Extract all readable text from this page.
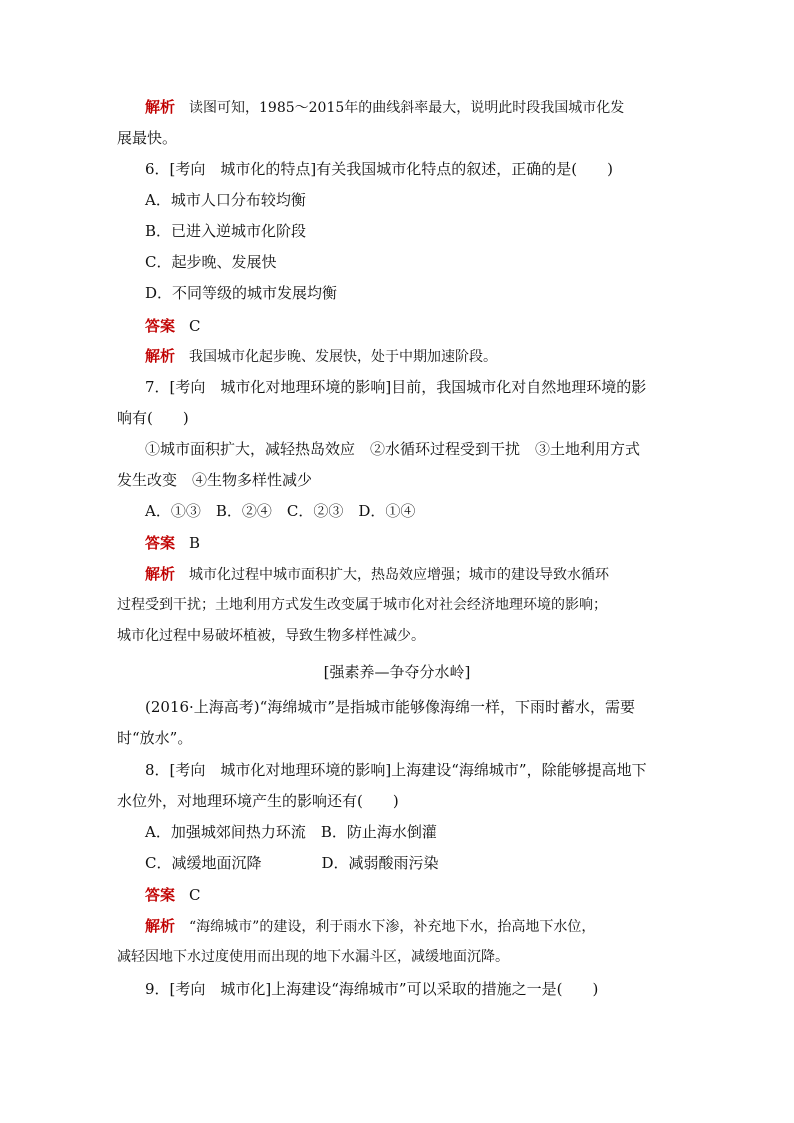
解析 读图可知，1985～2015年的曲线斜率最大，说明此时段我国城市化发
展最快。
6．[考向　城市化的特点]有关我国城市化特点的叙述，正确的是(　　)
A．城市人口分布较均衡
B．已进入逆城市化阶段
C．起步晚、发展快
D．不同等级的城市发展均衡
答案 C
解析 我国城市化起步晚、发展快，处于中期加速阶段。
7．[考向　城市化对地理环境的影响]目前，我国城市化对自然地理环境的影
响有(　　)
①城市面积扩大，减轻热岛效应　②水循环过程受到干扰　③土地利用方式
发生改变　④生物多样性减少
A．①③　B．②④　C．②③　D．①④
答案 B
解析 城市化过程中城市面积扩大，热岛效应增强；城市的建设导致水循环
过程受到干扰；土地利用方式发生改变属于城市化对社会经济地理环境的影响；
城市化过程中易破坏植被，导致生物多样性减少。
[强素养—争夺分水岭]
(2016·上海高考)“海绵城市”是指城市能够像海绵一样，下雨时蓄水，需要
时“放水”。
8．[考向　城市化对地理环境的影响]上海建设“海绵城市”，除能够提高地下
水位外，对地理环境产生的影响还有(　　)
A．加强城郊间热力环流　B．防止海水倒灌
C．减缓地面沉降　　　　D．减弱酸雨污染
答案 C
解析 “海绵城市”的建设，利于雨水下渗，补充地下水，抬高地下水位，
减轻因地下水过度使用而出现的地下水漏斗区，减缓地面沉降。
9．[考向　城市化]上海建设“海绵城市”可以采取的措施之一是(　　)
